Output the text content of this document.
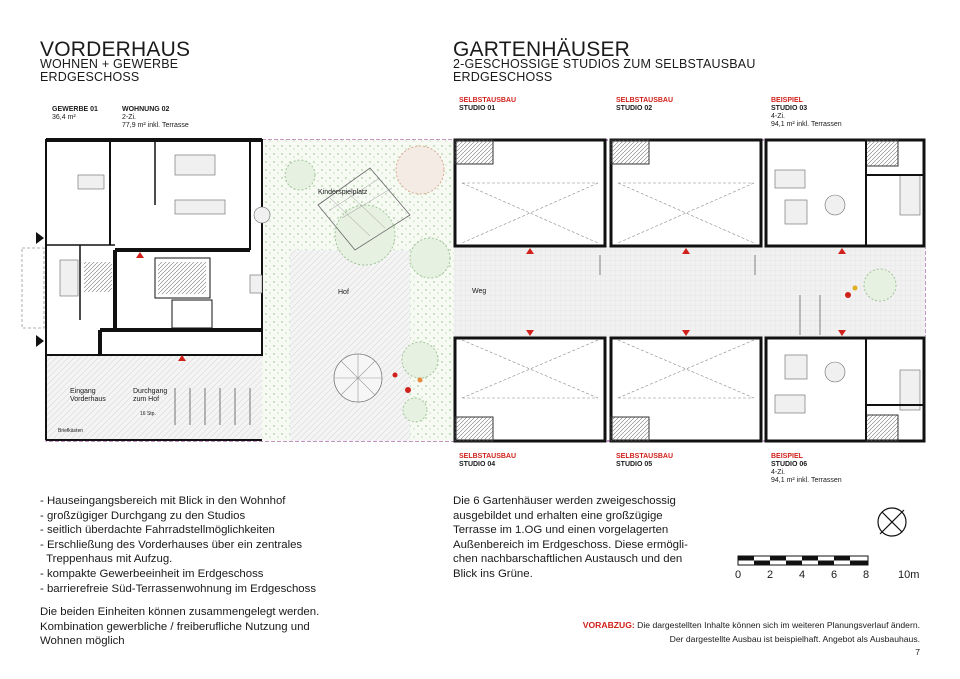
VORDERHAUS
WOHNEN + GEWERBE
ERDGESCHOSS
GARTENHÄUSER
2-GESCHOSSIGE STUDIOS ZUM SELBSTAUSBAU
ERDGESCHOSS
GEWERBE 01
36,4 m²
WOHNUNG 02
2-Zi.
77,9 m² inkl. Terrasse
SELBSTAUSBAU
STUDIO 01
SELBSTAUSBAU
STUDIO 02
BEISPIEL
STUDIO 03
4-Zi.
94,1 m² inkl. Terrassen
SELBSTAUSBAU
STUDIO 04
SELBSTAUSBAU
STUDIO 05
BEISPIEL
STUDIO 06
4-Zi.
94,1 m² inkl. Terrassen
Kinderspielplatz
Hof	Weg
Eingang
Vorderhaus
Durchgang
zum Hof
16 Stp.
Briefkästen
- Hauseingangsbereich mit Blick in den Wohnhof
- großzügiger Durchgang zu den Studios
- seitlich überdachte Fahrradstellmöglichkeiten
- Erschließung des Vorderhauses über ein zentrales
Treppenhaus mit Aufzug.
- kompakte Gewerbeeinheit im Erdgeschoss
- barrierefreie Süd-Terrassenwohnung im Erdgeschoss
Die beiden Einheiten können zusammengelegt werden.
Kombination gewerbliche / freiberufliche Nutzung und
Wohnen möglich
Die 6 Gartenhäuser werden zweigeschossig
ausgebildet und erhalten eine großzügige
Terrasse im 1.OG und einen vorgelagerten
Außenbereich im Erdgeschoss. Diese ermögli-
chen nachbarschaftlichen Austausch und den
Blick ins Grüne.	0 2 4 6 8	10m
VORABZUG: Die dargestellten Inhalte können sich im weiteren Planungsverlauf ändern.
Der dargestellte Ausbau ist beispielhaft. Angebot als Ausbauhaus.
7
